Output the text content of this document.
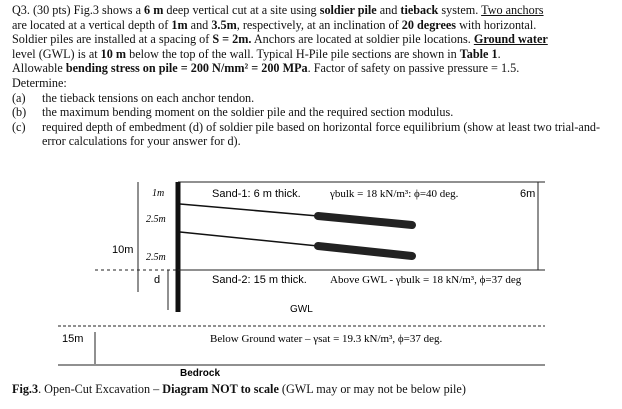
Q3. (30 pts) Fig.3 shows a 6 m deep vertical cut at a site using soldier pile and tieback system. Two anchors

are located at a vertical depth of 1m and 3.5m, respectively, at an inclination of 20 degrees with horizontal.

Soldier piles are installed at a spacing of S = 2m. Anchors are located at soldier pile locations. Ground water

level (GWL) is at 10 m below the top of the wall. Typical H-Pile pile sections are shown in Table 1.

Allowable bending stress on pile = 200 N/mm² = 200 MPa. Factor of safety on passive pressure = 1.5.

Determine:

(a) the tieback tensions on each anchor tendon.
(b) the maximum bending moment on the soldier pile and the required section modulus.
(c)	required depth of embedment (d) of soldier pile based on horizontal force equilibrium (show at least two trial-and-error calculations for your answer for d).
1m
2.5m
2.5m
Sand-1: 6 m thick.	γbulk = 18 kN/m³: ϕ=40 deg.	6m
10m
d	Sand-2: 15 m thick. Above GWL - γbulk = 18 kN/m³, ϕ=37 deg
GWL
15m	Below Ground water – γsat = 19.3 kN/m³, ϕ=37 deg.
Bedrock
Fig.3. Open-Cut Excavation – Diagram NOT to scale (GWL may or may not be below pile)
